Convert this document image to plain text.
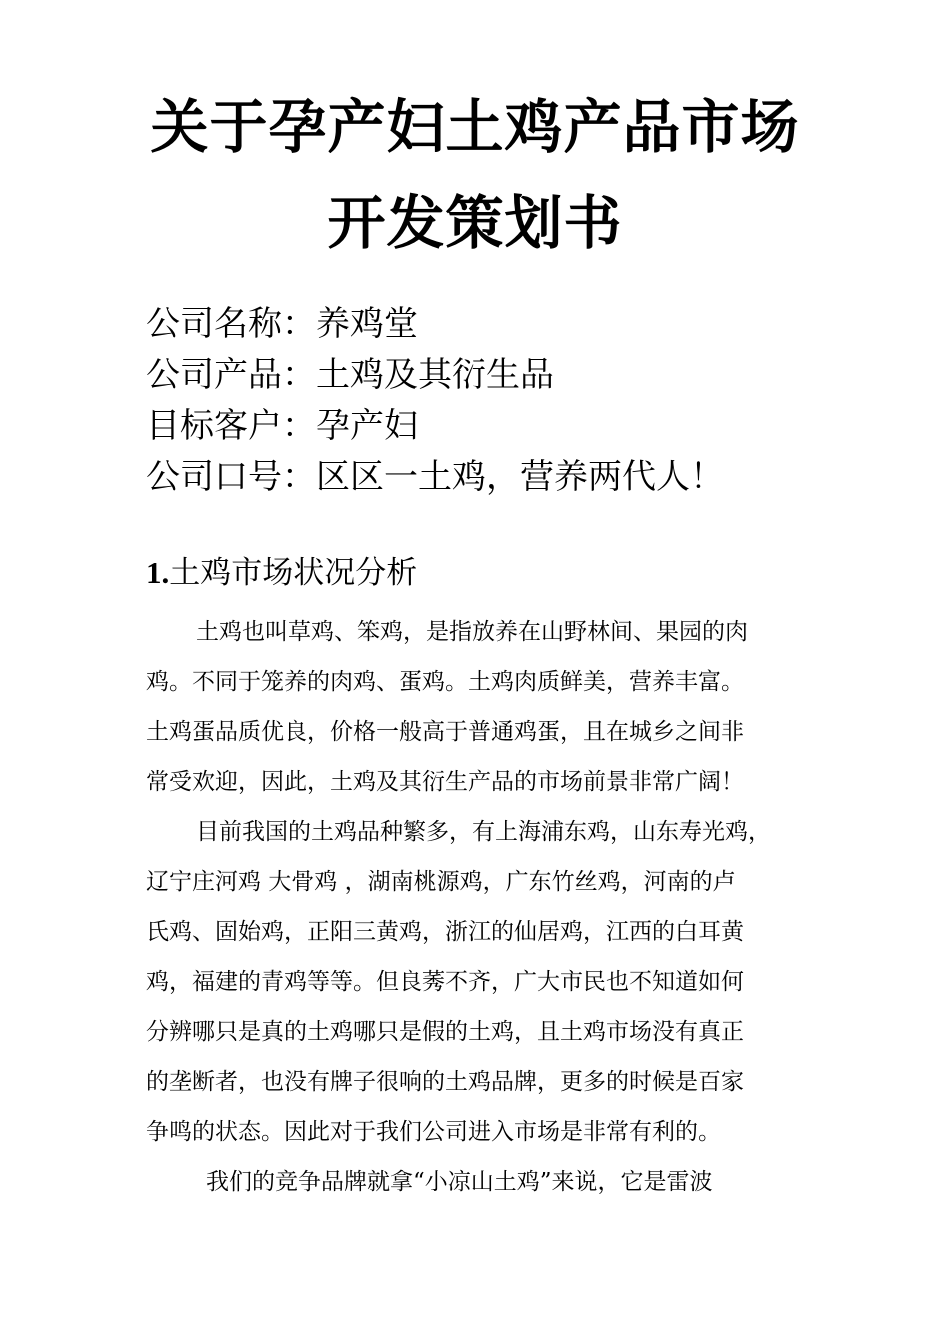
关于孕产妇土鸡产品市场
开发策划书
公司名称：养鸡堂
公司产品：土鸡及其衍生品
目标客户：孕产妇
公司口号：区区一土鸡，营养两代人！
1.土鸡市场状况分析
土鸡也叫草鸡、笨鸡，是指放养在山野林间、果园的肉
鸡。不同于笼养的肉鸡、蛋鸡。土鸡肉质鲜美，营养丰富。
土鸡蛋品质优良，价格一般高于普通鸡蛋，且在城乡之间非
常受欢迎，因此，土鸡及其衍生产品的市场前景非常广阔！
目前我国的土鸡品种繁多，有上海浦东鸡，山东寿光鸡，
辽宁庄河鸡 大骨鸡 ，湖南桃源鸡，广东竹丝鸡，河南的卢
氏鸡、固始鸡，正阳三黄鸡，浙江的仙居鸡，江西的白耳黄
鸡，福建的青鸡等等。但良莠不齐，广大市民也不知道如何
分辨哪只是真的土鸡哪只是假的土鸡，且土鸡市场没有真正
的垄断者，也没有牌子很响的土鸡品牌，更多的时候是百家
争鸣的状态。因此对于我们公司进入市场是非常有利的。
我们的竞争品牌就拿“小凉山土鸡”来说，它是雷波
